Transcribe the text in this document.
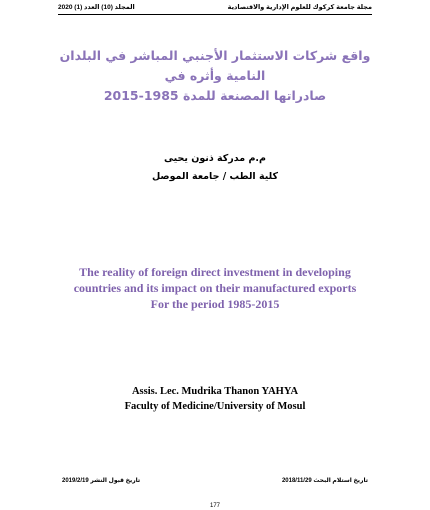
مجلة جامعة كركوك للعلوم الإدارية والاقتصادية
المجلد (10) العدد (1) 2020
واقع شركات الاستثمار الأجنبي المباشر في البلدان النامية وأثره في
صادراتها المصنعة للمدة 1985-2015
م.م مدركة ذنون يحيى
كلية الطب / جامعة الموصل
The reality of foreign direct investment in developing
countries and its impact on their manufactured exports
For the period 1985-2015
Assis. Lec. Mudrika Thanon YAHYA
Faculty of Medicine/University of Mosul
تاريخ استلام البحث 2018/11/29
تاريخ قبول النشر 2019/2/19
177
